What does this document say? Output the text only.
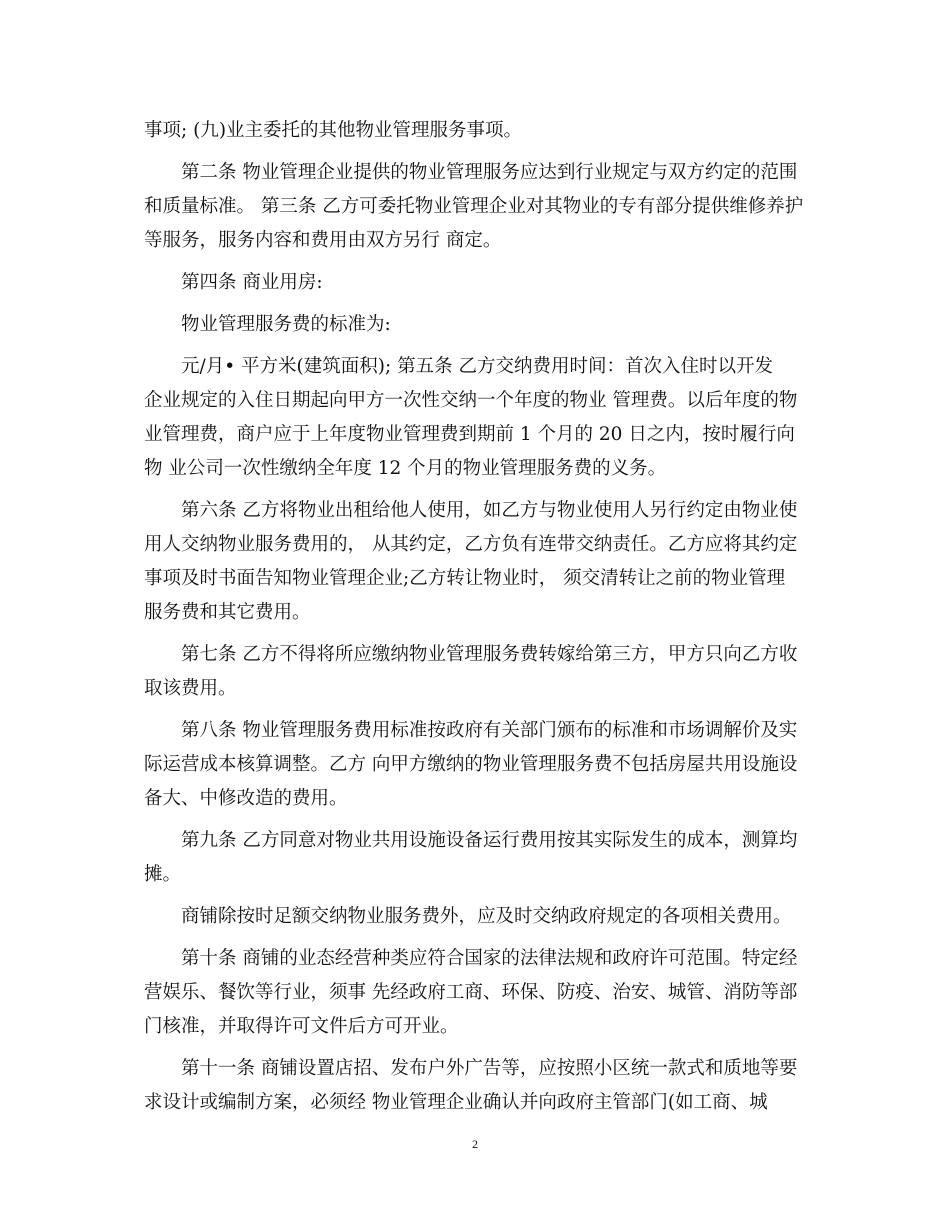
事项; (九)业主委托的其他物业管理服务事项。
　　第二条 物业管理企业提供的物业管理服务应达到行业规定与双方约定的范围
和质量标准。 第三条 乙方可委托物业管理企业对其物业的专有部分提供维修养护
等服务，服务内容和费用由双方另行 商定。
　　第四条 商业用房:
　　物业管理服务费的标准为:
　　元/月• 平方米(建筑面积); 第五条 乙方交纳费用时间：首次入住时以开发
企业规定的入住日期起向甲方一次性交纳一个年度的物业 管理费。以后年度的物
业管理费，商户应于上年度物业管理费到期前 1 个月的 20 日之内，按时履行向
物 业公司一次性缴纳全年度 12 个月的物业管理服务费的义务。
　　第六条 乙方将物业出租给他人使用，如乙方与物业使用人另行约定由物业使
用人交纳物业服务费用的， 从其约定，乙方负有连带交纳责任。乙方应将其约定
事项及时书面告知物业管理企业;乙方转让物业时， 须交清转让之前的物业管理
服务费和其它费用。
　　第七条 乙方不得将所应缴纳物业管理服务费转嫁给第三方，甲方只向乙方收
取该费用。
　　第八条 物业管理服务费用标准按政府有关部门颁布的标准和市场调解价及实
际运营成本核算调整。乙方 向甲方缴纳的物业管理服务费不包括房屋共用设施设
备大、中修改造的费用。
　　第九条 乙方同意对物业共用设施设备运行费用按其实际发生的成本，测算均
摊。
　　商铺除按时足额交纳物业服务费外，应及时交纳政府规定的各项相关费用。
　　第十条 商铺的业态经营种类应符合国家的法律法规和政府许可范围。特定经
营娱乐、餐饮等行业，须事 先经政府工商、环保、防疫、治安、城管、消防等部
门核准，并取得许可文件后方可开业。
　　第十一条 商铺设置店招、发布户外广告等，应按照小区统一款式和质地等要
求设计或编制方案，必须经 物业管理企业确认并向政府主管部门(如工商、城
2
